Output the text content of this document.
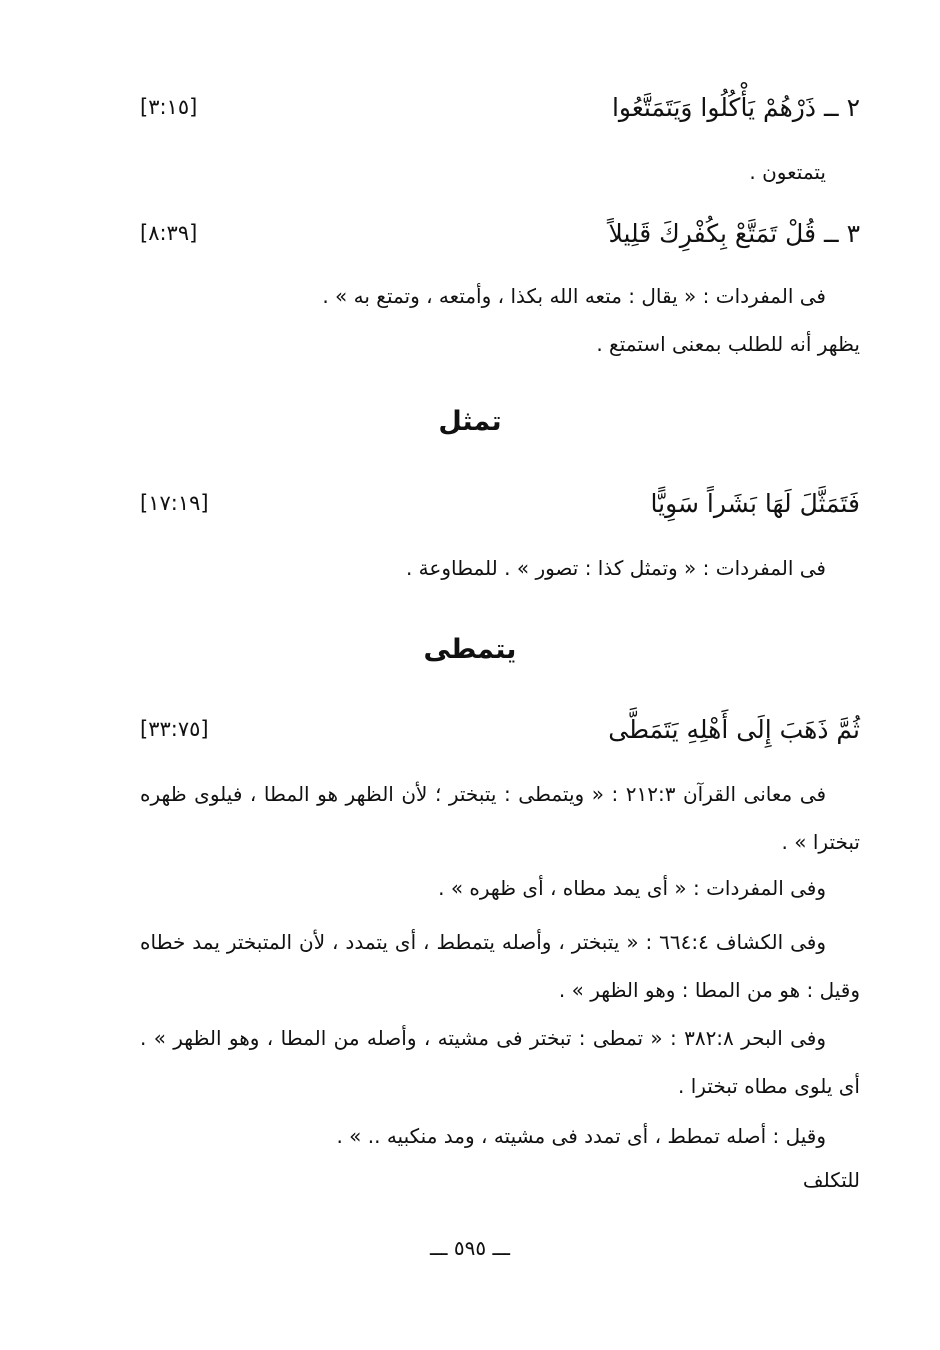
٢ ــ ذَرْهُمْ يَأْكُلُوا وَيَتَمَتَّعُوا
[٣:١٥]

يتمتعون .

٣ ــ قُلْ تَمَتَّعْ بِكُفْرِكَ قَلِيلاً
[٨:٣٩]

فى المفردات : « يقال : متعه الله بكذا ، وأمتعه ، وتمتع به » .

يظهر أنه للطلب بمعنى استمتع .

تمثل
فَتَمَثَّلَ لَهَا بَشَراً سَوِيًّا
[١٧:١٩]

فى المفردات : « وتمثل كذا : تصور » . للمطاوعة .

يتمطى
ثُمَّ ذَهَبَ إِلَى أَهْلِهِ يَتَمَطَّى
[٣٣:٧٥]

فى معانى القرآن ٢١٢:٣ : « ويتمطى : يتبختر ؛ لأن الظهر هو المطا ، فيلوى ظهره تبخترا » .

وفى المفردات : « أى يمد مطاه ، أى ظهره » .

وفى الكشاف ٦٦٤:٤ : « يتبختر ، وأصله يتمطط ، أى يتمدد ، لأن المتبختر يمد خطاه وقيل : هو من المطا : وهو الظهر » .

وفى البحر ٣٨٢:٨ : « تمطى : تبختر فى مشيته ، وأصله من المطا ، وهو الظهر » . أى يلوى مطاه تبخترا .

وقيل : أصله تمطط ، أى تمدد فى مشيته ، ومد منكبيه .. » .

للتكلف

ـــ ٥٩٥ ـــ
